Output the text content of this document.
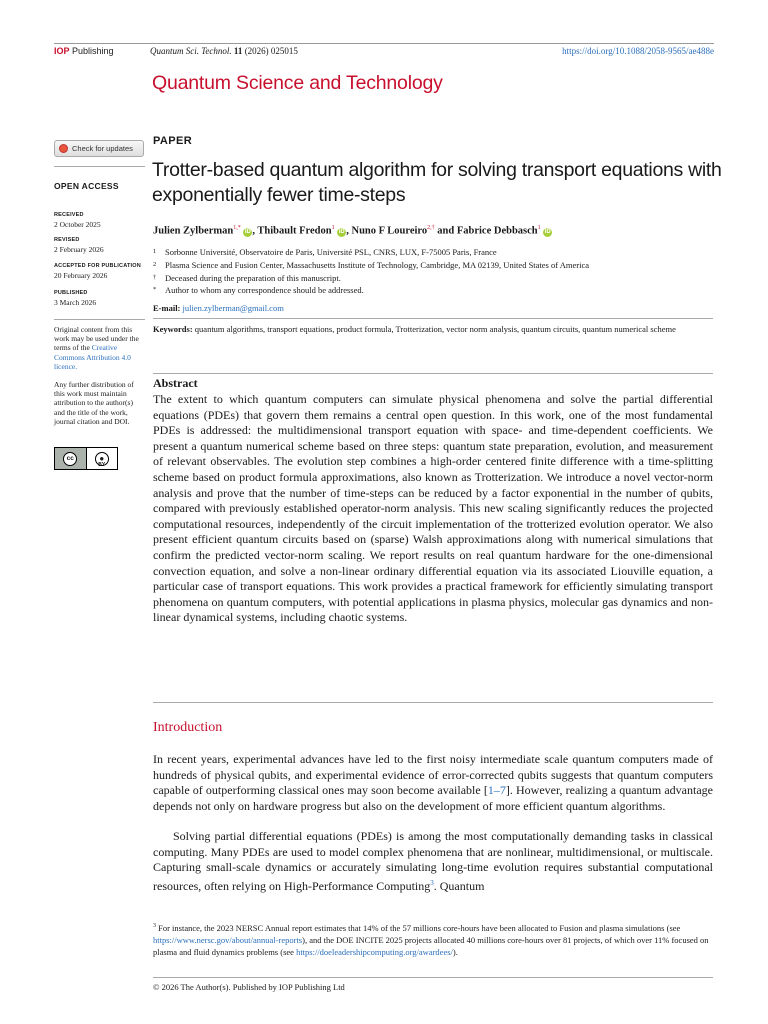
IOP Publishing	Quantum Sci. Technol. 11 (2026) 025015	https://doi.org/10.1088/2058-9565/ae488e
Quantum Science and Technology
Check for updates
OPEN ACCESS
RECEIVED
2 October 2025
REVISED
2 February 2026
ACCEPTED FOR PUBLICATION
20 February 2026
PUBLISHED
3 March 2026
Original content from this work may be used under the terms of the Creative Commons Attribution 4.0 licence.
Any further distribution of this work must maintain attribution to the author(s) and the title of the work, journal citation and DOI.
cc	●
BY
PAPER
Trotter-based quantum algorithm for solving transport equations with exponentially fewer time-steps
Julien Zylberman$^{1,*}$ iD , Thibault Fredon$^1$ iD , Nuno F Loureiro$^{2,\dagger}$ and Fabrice Debbasch$^1$ iD
1 Sorbonne Université, Observatoire de Paris, Université PSL, CNRS, LUX, F-75005 Paris, France
2 Plasma Science and Fusion Center, Massachusetts Institute of Technology, Cambridge, MA 02139, United States of America
† Deceased during the preparation of this manuscript.
* Author to whom any correspondence should be addressed.
E-mail: julien.zylberman@gmail.com
Keywords: quantum algorithms, transport equations, product formula, Trotterization, vector norm analysis, quantum circuits, quantum numerical scheme
Abstract
The extent to which quantum computers can simulate physical phenomena and solve the partial differential equations (PDEs) that govern them remains a central open question. In this work, one of the most fundamental PDEs is addressed: the multidimensional transport equation with space- and time-dependent coefficients. We present a quantum numerical scheme based on three steps: quantum state preparation, evolution, and measurement of relevant observables. The evolution step combines a high-order centered finite difference with a time-splitting scheme based on product formula approximations, also known as Trotterization. We introduce a novel vector-norm analysis and prove that the number of time-steps can be reduced by a factor exponential in the number of qubits, compared with previously established operator-norm analysis. This new scaling significantly reduces the projected computational resources, independently of the circuit implementation of the trotterized evolution operator. We also present efficient quantum circuits based on (sparse) Walsh approximations along with numerical simulations that confirm the predicted vector-norm scaling. We report results on real quantum hardware for the one-dimensional convection equation, and solve a non-linear ordinary differential equation via its associated Liouville equation, a particular case of transport equations. This work provides a practical framework for efficiently simulating transport phenomena on quantum computers, with potential applications in plasma physics, molecular gas dynamics and non-linear dynamical systems, including chaotic systems.
Introduction
In recent years, experimental advances have led to the first noisy intermediate scale quantum computers made of hundreds of physical qubits, and experimental evidence of error-corrected qubits suggests that quantum computers capable of outperforming classical ones may soon become available [1–7]. However, realizing a quantum advantage depends not only on hardware progress but also on the development of more efficient quantum algorithms.
Solving partial differential equations (PDEs) is among the most computationally demanding tasks in classical computing. Many PDEs are used to model complex phenomena that are nonlinear, multidimensional, or multiscale. Capturing small-scale dynamics or accurately simulating long-time evolution requires substantial computational resources, often relying on High-Performance Computing$^3$. Quantum
$^3$ For instance, the 2023 NERSC Annual report estimates that 14% of the 57 millions core-hours have been allocated to Fusion and plasma simulations (see https://www.nersc.gov/about/annual-reports), and the DOE INCITE 2025 projects allocated 40 millions core-hours over 81 projects, of which over 11% focused on plasma and fluid dynamics problems (see https://doeleadershipcomputing.org/awardees/).
© 2026 The Author(s). Published by IOP Publishing Ltd
